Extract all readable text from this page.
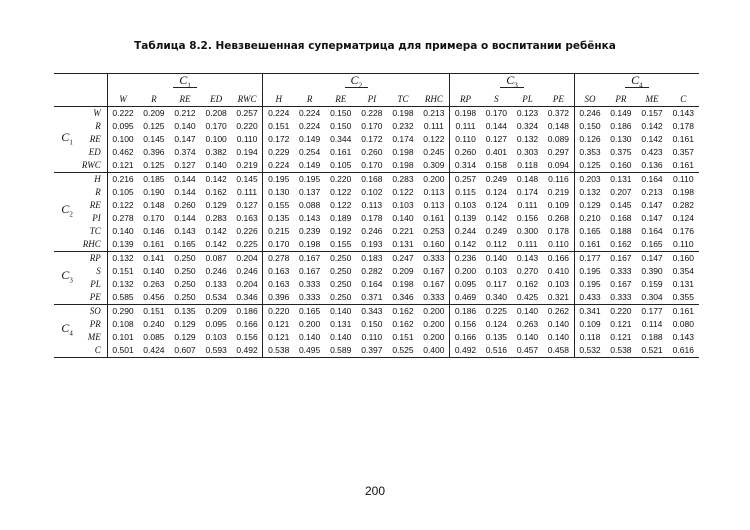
Таблица 8.2. Невзвешенная суперматрица для примера о воспитании ребёнка
		$C_1$					$C_2$						$C_3$				$C_4$
		W	R	RE	ED	RWC	H	R	RE	PI	TC	RHC	RP	S	PL	PE	SO	PR	ME	C
$C_1$	W	0.222	0.209	0.212	0.208	0.257	0.224	0.224	0.150	0.228	0.198	0.213	0.198	0.170	0.123	0.372	0.246	0.149	0.157	0.143
	R	0.095	0.125	0.140	0.170	0.220	0.151	0.224	0.150	0.170	0.232	0.111	0.111	0.144	0.324	0.148	0.150	0.186	0.142	0.178
	RE	0.100	0.145	0.147	0.100	0.110	0.172	0.149	0.344	0.172	0.174	0.122	0.110	0.127	0.132	0.089	0.126	0.130	0.142	0.161
	ED	0.462	0.396	0.374	0.382	0.194	0.229	0.254	0.161	0.260	0.198	0.245	0.260	0.401	0.303	0.297	0.353	0.375	0.423	0.357
	RWC	0.121	0.125	0.127	0.140	0.219	0.224	0.149	0.105	0.170	0.198	0.309	0.314	0.158	0.118	0.094	0.125	0.160	0.136	0.161
$C_2$	H	0.216	0.185	0.144	0.142	0.145	0.195	0.195	0.220	0.168	0.283	0.200	0.257	0.249	0.148	0.116	0.203	0.131	0.164	0.110
	R	0.105	0.190	0.144	0.162	0.111	0.130	0.137	0.122	0.102	0.122	0.113	0.115	0.124	0.174	0.219	0.132	0.207	0.213	0.198
	RE	0.122	0.148	0.260	0.129	0.127	0.155	0.088	0.122	0.113	0.103	0.113	0.103	0.124	0.111	0.109	0.129	0.145	0.147	0.282
	PI	0.278	0.170	0.144	0.283	0.163	0.135	0.143	0.189	0.178	0.140	0.161	0.139	0.142	0.156	0.268	0.210	0.168	0.147	0.124
	TC	0.140	0.146	0.143	0.142	0.226	0.215	0.239	0.192	0.246	0.221	0.253	0.244	0.249	0.300	0.178	0.165	0.188	0.164	0.176
	RHC	0.139	0.161	0.165	0.142	0.225	0.170	0.198	0.155	0.193	0.131	0.160	0.142	0.112	0.111	0.110	0.161	0.162	0.165	0.110
$C_3$	RP	0.132	0.141	0.250	0.087	0.204	0.278	0.167	0.250	0.183	0.247	0.333	0.236	0.140	0.143	0.166	0.177	0.167	0.147	0.160
	S	0.151	0.140	0.250	0.246	0.246	0.163	0.167	0.250	0.282	0.209	0.167	0.200	0.103	0.270	0.410	0.195	0.333	0.390	0.354
	PL	0.132	0.263	0.250	0.133	0.204	0.163	0.333	0.250	0.164	0.198	0.167	0.095	0.117	0.162	0.103	0.195	0.167	0.159	0.131
	PE	0.585	0.456	0.250	0.534	0.346	0.396	0.333	0.250	0.371	0.346	0.333	0.469	0.340	0.425	0.321	0.433	0.333	0.304	0.355
$C_4$	SO	0.290	0.151	0.135	0.209	0.186	0.220	0.165	0.140	0.343	0.162	0.200	0.186	0.225	0.140	0.262	0.341	0.220	0.177	0.161
	PR	0.108	0.240	0.129	0.095	0.166	0.121	0.200	0.131	0.150	0.162	0.200	0.156	0.124	0.263	0.140	0.109	0.121	0.114	0.080
	ME	0.101	0.085	0.129	0.103	0.156	0.121	0.140	0.140	0.110	0.151	0.200	0.166	0.135	0.140	0.140	0.118	0.121	0.188	0.143
	C	0.501	0.424	0.607	0.593	0.492	0.538	0.495	0.589	0.397	0.525	0.400	0.492	0.516	0.457	0.458	0.532	0.538	0.521	0.616
200
